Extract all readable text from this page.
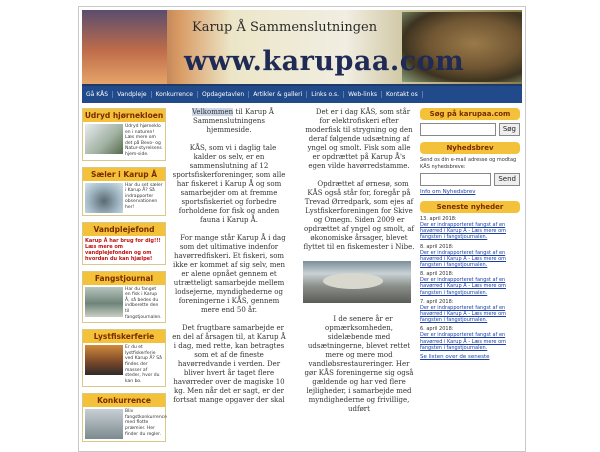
Karup Å Sammenslutningen
www.karupaa.com
Gå KÅS	Vandpleje	Konkurrence	Opdagetavlen	Artikler & galleri	Links o.s.	Web-links	Kontakt os
Udryd hjørnekloen
Udryd hjørneklo en i naturen! Læs mere om det på Bevo- og Natur-styrelsens hjem-side.
Sæler i Karup Å
Har du set sæler i Karup Å? Så indrapporter observationen her!
Vandplejefond
Karup Å har brug for dig!!! Læs mere om vandplejefonden og om hvordan du kan hjælpe!
Fangstjournal
Har du fanget en fisk i Karup Å, så bedes du indberette den til fangstjournalen.
Lystfiskerferie
Er du et lystfiskerferie ved Karup Å? Så findes der masser af steder, hvor du kan bo.
Konkurrence
Bliv fangstkonkurrence med flotte præmier. Her finder du regler.

Velkommen til Karup Å Sammenslutningens hjemmeside.

KÅS, som vi i daglig tale kalder os selv, er en sammenslutning af 12 sportsfiskerforeninger, som alle har fiskeret i Karup Å og som samarbejder om at fremme sportsfiskeriet og forbedre forholdene for fisk og anden fauna i Karup Å.

For mange står Karup Å i dag som det ultimative indenfor havørredfiskeri. Et fiskeri, som ikke er kommet af sig selv, men er alene opnået gennem et utrætteligt samarbejde mellem lodsejerne, myndighederne og foreningerne i KÅS, gennem mere end 50 år.

Det frugtbare samarbejde er en del af årsagen til, at Karup Å i dag, med rette, kan betragtes som et af de fineste havørredvande i verden. Der bliver hvert år taget flere havørreder over de magiske 10 kg. Men når det er sagt, er der fortsat mange opgaver der skal

Det er i dag KÅS, som står for elektrofiskeri efter moderfisk til strygning og den deraf følgende udsætning af yngel og smolt. Fisk som alle er opdrættet på Karup Å's egen vilde havørredstamme.

Opdrættet af ørnesø, som KÅS også står for, foregår på Trevad Ørredpark, som ejes af Lystfiskerforeningen for Skive og Omegn. Siden 2009 er opdrættet af yngel og smolt, af økonomiske årsager, blevet flyttet til en fiskemester i Nibe.

I de senere år er opmærksomheden, sidelæbende med udsætningerne, blevet rettet mere og mere mod vandløbsrestaureringer. Her gør KÅS foreningerne sig også gældende og har ved flere lejligheder, i samarbejde med myndighederne og frivillige, udført

Søg på karupaa.com
Søg
Nyhedsbrev
Send os din e-mail adresse og modtag KÅS nyhedsbreve:
Send
Info om Nyhedsbrev
Seneste nyheder
13. april 2018:
Der er indrapporteret fangst af en havørred i Karup Å - Læs mere om fangsten i fangstjournalen.
8. april 2018:
Der er indrapporteret fangst af en havørred i Karup Å - Læs mere om fangsten i fangstjournalen.
8. april 2018:
Der er indrapporteret fangst af en havørred i Karup Å - Læs mere om fangsten i fangstjournalen.
7. april 2018:
Der er indrapporteret fangst af en havørred i Karup Å - Læs mere om fangsten i fangstjournalen.
6. april 2018:
Der er indrapporteret fangst af en havørred i Karup Å - Læs mere om fangsten i fangstjournalen.
Se listen over de seneste
